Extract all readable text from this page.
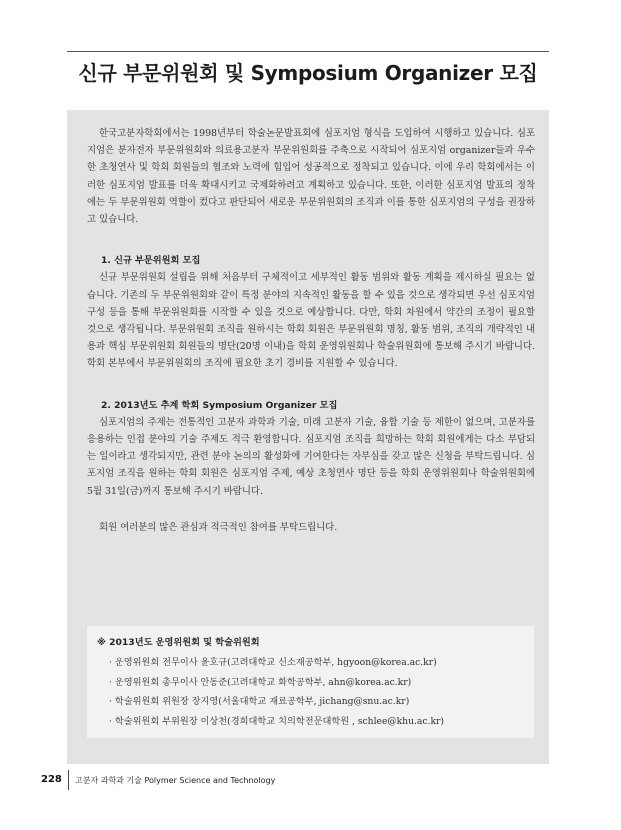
신규 부문위원회 및 Symposium Organizer 모집

한국고분자학회에서는 1998년부터 학술논문발표회에 심포지엄 형식을 도입하여 시행하고 있습니다. 심포지엄은 분자전자 부문위원회와 의료용고분자 부문위원회를 주축으로 시작되어 심포지엄 organizer들과 우수한 초청연사 및 학회 회원들의 협조와 노력에 힘입어 성공적으로 정착되고 있습니다. 이에 우리 학회에서는 이러한 심포지엄 발표를 더욱 확대시키고 국제화하려고 계획하고 있습니다. 또한, 이러한 심포지엄 발표의 정착에는 두 부문위원회 역할이 컸다고 판단되어 새로운 부문위원회의 조직과 이를 통한 심포지엄의 구성을 권장하고 있습니다.

1. 신규 부문위원회 모집

신규 부문위원회 설립을 위해 처음부터 구체적이고 세부적인 활동 범위와 활동 계획을 제시하실 필요는 없습니다. 기존의 두 부문위원회와 같이 특정 분야의 지속적인 활동을 할 수 있을 것으로 생각되면 우선 심포지엄 구성 등을 통해 부문위원회를 시작할 수 있을 것으로 예상합니다. 다만, 학회 차원에서 약간의 조정이 필요할 것으로 생각됩니다. 부문위원회 조직을 원하시는 학회 회원은 부문위원회 명칭, 활동 범위, 조직의 개략적인 내용과 핵심 부문위원회 회원들의 명단(20명 이내)을 학회 운영위원회나 학술위원회에 통보해 주시기 바랍니다. 학회 본부에서 부문위원회의 조직에 필요한 초기 경비를 지원할 수 있습니다.

2. 2013년도 추계 학회 Symposium Organizer 모집

심포지엄의 주제는 전통적인 고분자 과학과 기술, 미래 고분자 기술, 융합 기술 등 제한이 없으며, 고분자를 응용하는 인접 분야의 기술 주제도 적극 환영합니다. 심포지엄 조직을 희망하는 학회 회원에게는 다소 부담되는 일이라고 생각되지만, 관련 분야 논의의 활성화에 기여한다는 자부심을 갖고 많은 신청을 부탁드립니다. 심포지엄 조직을 원하는 학회 회원은 심포지엄 주제, 예상 초청연사 명단 등을 학회 운영위원회나 학술위원회에 5월 31일(금)까지 통보해 주시기 바랍니다.

회원 여러분의 많은 관심과 적극적인 참여를 부탁드립니다.

※ 2013년도 운영위원회 및 학술위원회
· 운영위원회 전무이사 윤호규(고려대학교 신소재공학부, hgyoon@korea.ac.kr)
· 운영위원회 총무이사 안동준(고려대학교 화학공학부, ahn@korea.ac.kr)
· 학술위원회 위원장 장지영(서울대학교 재료공학부, jichang@snu.ac.kr)
· 학술위원회 부위원장 이상천(경희대학교 치의학전문대학원 , schlee@khu.ac.kr)
228 고분자 과학과 기술 Polymer Science and Technology
